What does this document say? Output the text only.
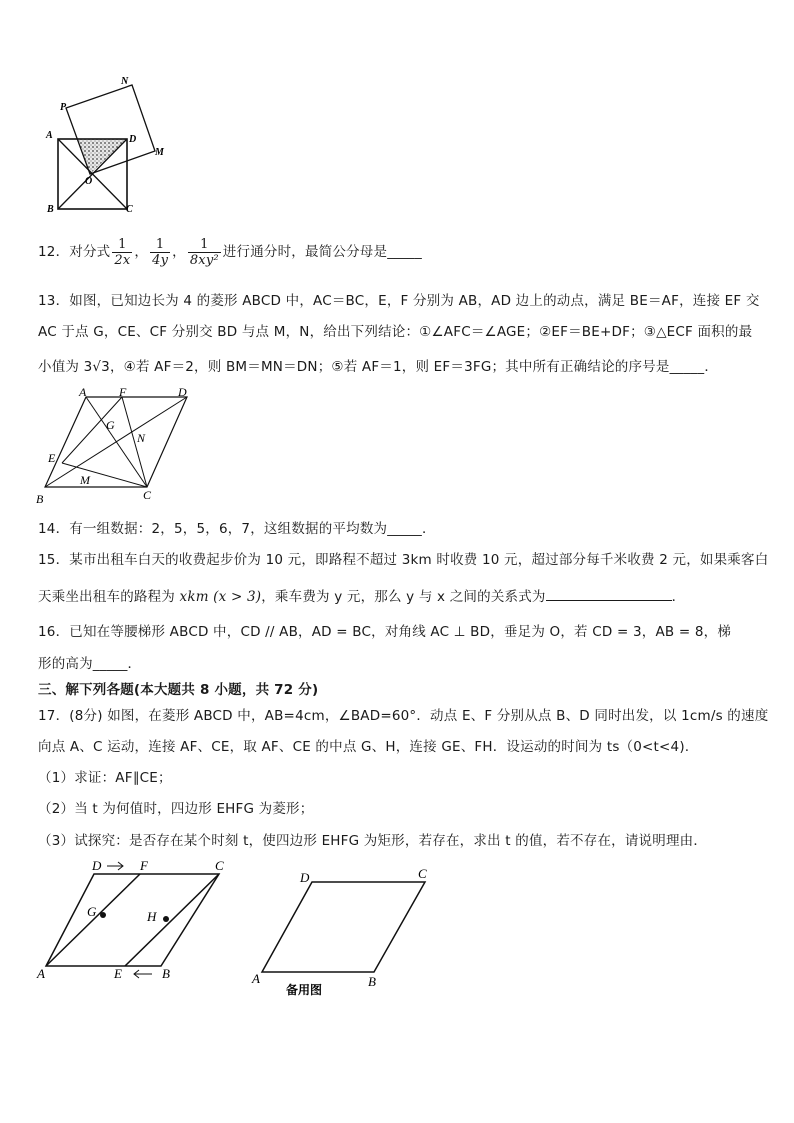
A	D
B	C
O
P
N
M
12．对分式 $\frac{1}{2x}$ ， $\frac{1}{4y}$ ， $\frac{1}{\text{8xy²}}$ 进行通分时，最简公分母是_____
13．如图，已知边长为 4 的菱形 ABCD 中，AC＝BC，E，F 分别为 AB，AD 边上的动点，满足 BE＝AF，连接 EF 交
AC 于点 G，CE、CF 分别交 BD 与点 M，N，给出下列结论：①∠AFC＝∠AGE；②EF＝BE+DF；③△ECF 面积的最
小值为 3√3，④若 AF＝2，则 BM＝MN＝DN；⑤若 AF＝1，则 EF＝3FG；其中所有正确结论的序号是_____．
A	F	D
G
N
E
M
B	C
14．有一组数据：2，5，5，6，7，这组数据的平均数为_____．
15．某市出租车白天的收费起步价为 10 元，即路程不超过 3km 时收费 10 元，超过部分每千米收费 2 元，如果乘客白
天乘坐出租车的路程为 xkm (x > 3)，乘车费为 y 元，那么 y 与 x 之间的关系式为	．
16．已知在等腰梯形 ABCD 中，CD // AB，AD = BC，对角线 AC ⊥ BD，垂足为 O，若 CD = 3，AB = 8，梯
形的高为_____．
三、解下列各题(本大题共 8 小题，共 72 分)
17．(8分) 如图，在菱形 ABCD 中，AB=4cm，∠BAD=60°．动点 E、F 分别从点 B、D 同时出发，以 1cm/s 的速度
向点 A、C 运动，连接 AF、CE，取 AF、CE 的中点 G、H，连接 GE、FH．设运动的时间为 ts（0<t<4).
（1）求证：AF∥CE；
（2）当 t 为何值时，四边形 EHFG 为菱形；
（3）试探究：是否存在某个时刻 t，使四边形 EHFG 为矩形，若存在，求出 t 的值，若不存在，请说明理由．
D	F	C
G	H
A	E	B
D	C
A	B
备用图
